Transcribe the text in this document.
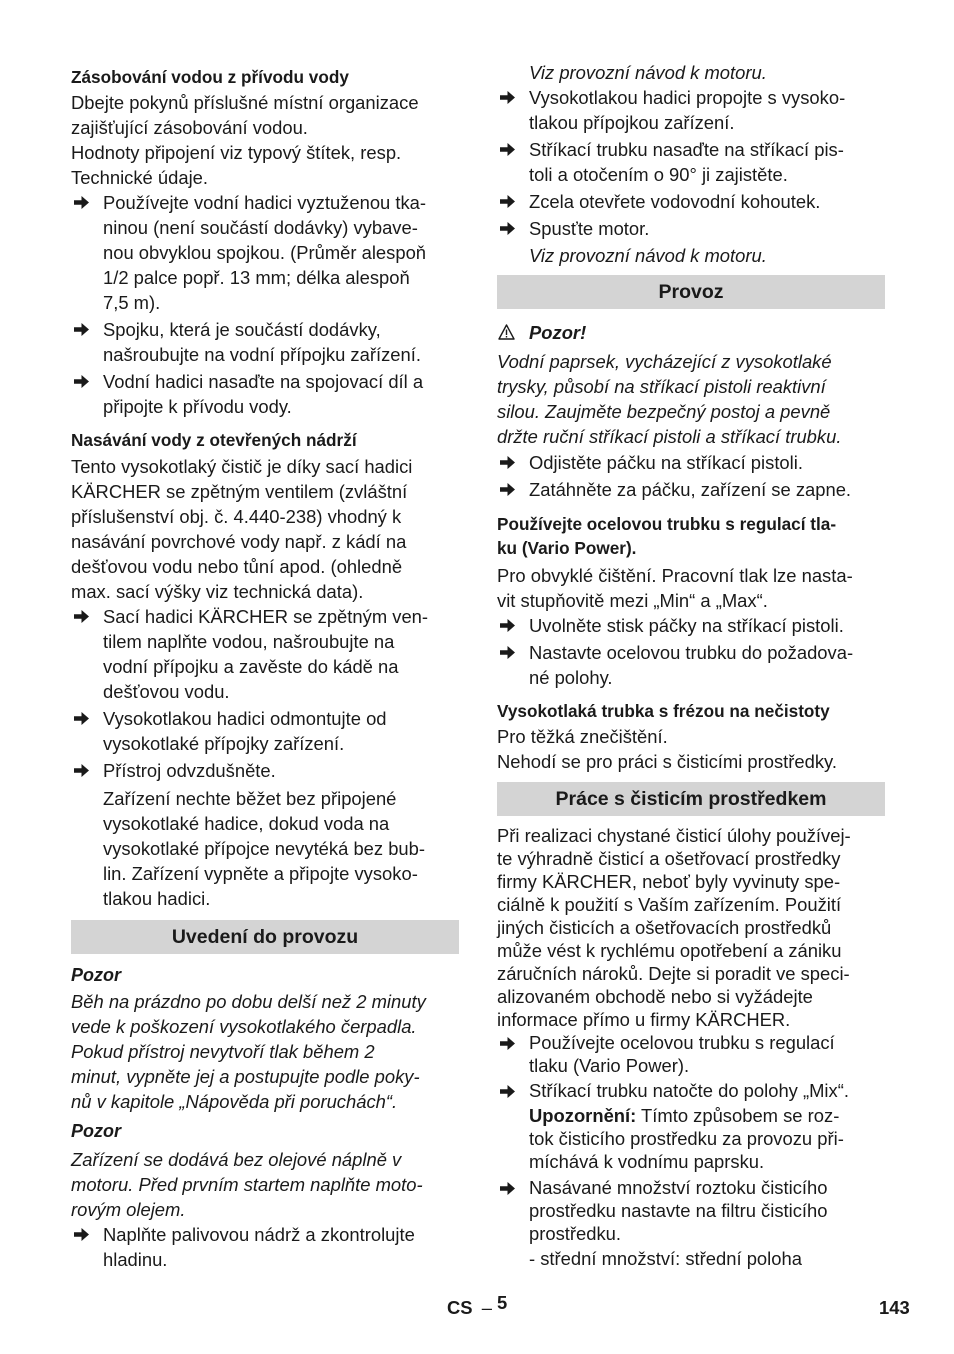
Zásobování vodou z přívodu vody

Dbejte pokynů příslušné místní organizace
zajišťující zásobování vodou.

Hodnoty připojení viz typový štítek, resp.
Technické údaje.

Používejte vodní hadici vyztuženou tka-
ninou (není součástí dodávky) vybave-
nou obvyklou spojkou. (Průměr alespoň
1/2 palce popř. 13 mm; délka alespoň
7,5 m).

Spojku, která je součástí dodávky,
našroubujte na vodní přípojku zařízení.

Vodní hadici nasaďte na spojovací díl a
připojte k přívodu vody.

Nasávání vody z otevřených nádrží

Tento vysokotlaký čistič je díky sací hadici
KÄRCHER se zpětným ventilem (zvláštní
příslušenství obj. č. 4.440-238) vhodný k
nasávání povrchové vody např. z kádí na
dešťovou vodu nebo tůní apod. (ohledně
max. sací výšky viz technická data).

Sací hadici KÄRCHER se zpětným ven-
tilem naplňte vodou, našroubujte na
vodní přípojku a zavěste do kádě na
dešťovou vodu.

Vysokotlakou hadici odmontujte od
vysokotlaké přípojky zařízení.

Přístroj odvzdušněte.

Zařízení nechte běžet bez připojené
vysokotlaké hadice, dokud voda na
vysokotlaké přípojce nevytéká bez bub-
lin. Zařízení vypněte a připojte vysoko-
tlakou hadici.

Uvedení do provozu

Pozor

Běh na prázdno po dobu delší než 2 minuty
vede k poškození vysokotlakého čerpadla.
Pokud přístroj nevytvoří tlak během 2
minut, vypněte jej a postupujte podle poky-
nů v kapitole „Nápověda při poruchách“.

Pozor

Zařízení se dodává bez olejové náplně v
motoru. Před prvním startem naplňte moto-
rovým olejem.

Naplňte palivovou nádrž a zkontrolujte
hladinu.

Viz provozní návod k motoru.

Vysokotlakou hadici propojte s vysoko-
tlakou přípojkou zařízení.

Stříkací trubku nasaďte na stříkací pis-
toli a otočením o 90° ji zajistěte.

Zcela otevřete vodovodní kohoutek.

Spusťte motor.

Viz provozní návod k motoru.

Provoz

Pozor!

Vodní paprsek, vycházející z vysokotlaké
trysky, působí na stříkací pistoli reaktivní
silou. Zaujměte bezpečný postoj a pevně
držte ruční stříkací pistoli a stříkací trubku.

Odjistěte páčku na stříkací pistoli.

Zatáhněte za páčku, zařízení se zapne.

Používejte ocelovou trubku s regulací tla-
ku (Vario Power).

Pro obvyklé čištění. Pracovní tlak lze nasta-
vit stupňovitě mezi „Min“ a „Max“.

Uvolněte stisk páčky na stříkací pistoli.

Nastavte ocelovou trubku do požadova-
né polohy.

Vysokotlaká trubka s frézou na nečistoty

Pro těžká znečištění.
Nehodí se pro práci s čisticími prostředky.

Práce s čisticím prostředkem

Při realizaci chystané čisticí úlohy používej-
te výhradně čisticí a ošetřovací prostředky
firmy KÄRCHER, neboť byly vyvinuty spe-
ciálně k použití s Vaším zařízením. Použití
jiných čisticích a ošetřovacích prostředků
může vést k rychlému opotřebení a zániku
záručních nároků. Dejte si poradit ve speci-
alizovaném obchodě nebo si vyžádejte
informace přímo u firmy KÄRCHER.

Používejte ocelovou trubku s regulací
tlaku (Vario Power).

Stříkací trubku natočte do polohy „Mix“.

Upozornění: Tímto způsobem se roz-
tok čisticího prostředku za provozu při-
míchává k vodnímu paprsku.

Nasávané množství roztoku čisticího
prostředku nastavte na filtru čisticího
prostředku.

- střední množství: střední poloha

CS – 5	143
